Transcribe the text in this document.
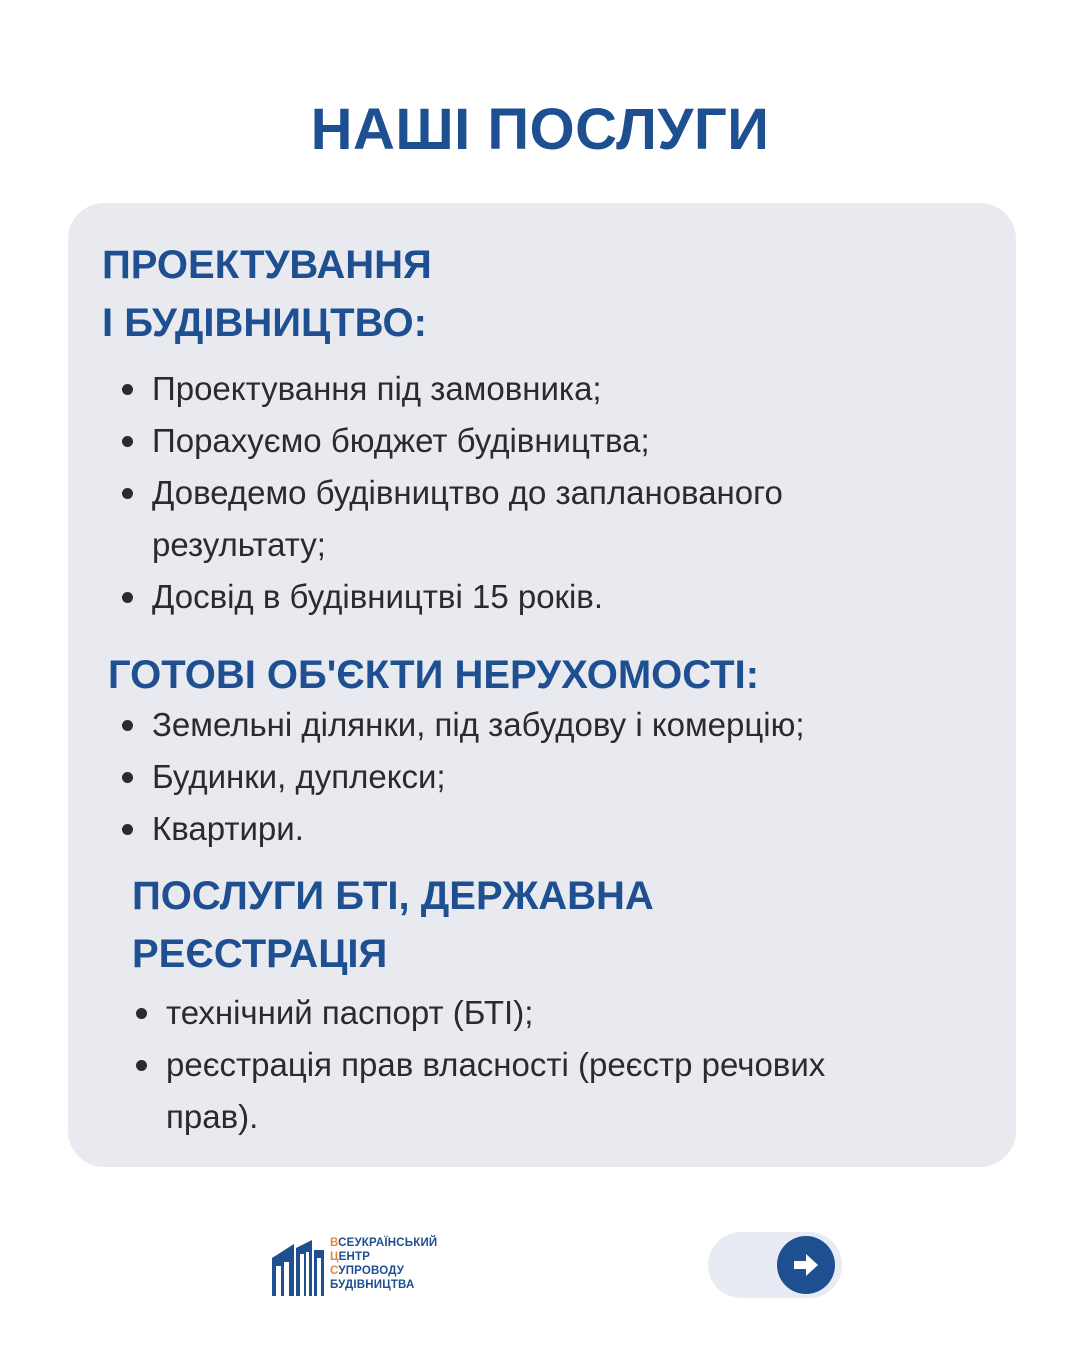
НАШІ ПОСЛУГИ
ПРОЕКТУВАННЯ
І БУДІВНИЦТВО:
Проектування під замовника;
Порахуємо бюджет будівництва;
Доведемо будівництво до запланованого
результату;
Досвід в будівництві 15 років.
ГОТОВІ ОБ'ЄКТИ НЕРУХОМОСТІ:
Земельні ділянки, під забудову і комерцію;
Будинки, дуплекси;
Квартири.
ПОСЛУГИ БТІ, ДЕРЖАВНА
РЕЄСТРАЦІЯ
технічний паспорт (БТІ);
реєстрація прав власності (реєстр речових
прав).
ВСЕУКРАЇНСЬКИЙ
ЦЕНТР
СУПРОВОДУ
БУДІВНИЦТВА
